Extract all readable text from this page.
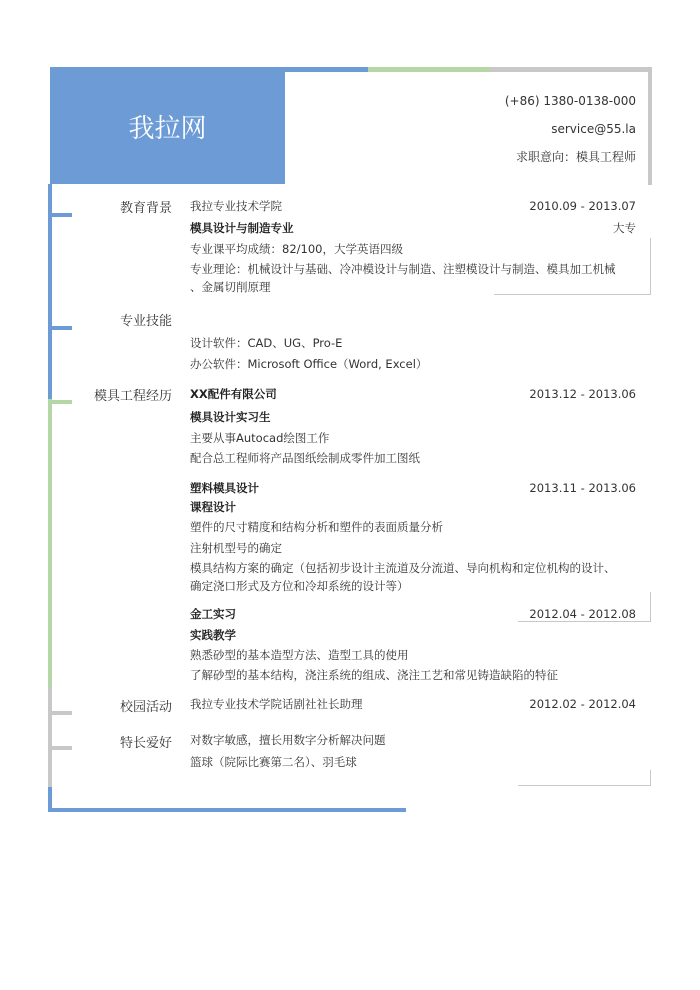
我拉网
(+86) 1380-0138-000
service@55.la
求职意向：模具工程师
教育背景 我拉专业技术学院	2010.09 - 2013.07
模具设计与制造专业	大专
专业课平均成绩：82/100，大学英语四级
专业理论：机械设计与基础、冷冲模设计与制造、注塑模设计与制造、模具加工机械
、金属切削原理
专业技能
设计软件：CAD、UG、Pro-E
办公软件：Microsoft Office（Word, Excel）
模具工程经历 XX配件有限公司	2013.12 - 2013.06
模具设计实习生
主要从事Autocad绘图工作
配合总工程师将产品图纸绘制成零件加工图纸
塑料模具设计	2013.11 - 2013.06
课程设计
塑件的尺寸精度和结构分析和塑件的表面质量分析
注射机型号的确定
模具结构方案的确定（包括初步设计主流道及分流道、导向机构和定位机构的设计、
确定浇口形式及方位和冷却系统的设计等）
金工实习	2012.04 - 2012.08
实践教学
熟悉砂型的基本造型方法、造型工具的使用
了解砂型的基本结构，浇注系统的组成、浇注工艺和常见铸造缺陷的特征
校园活动 我拉专业技术学院话剧社社长助理	2012.02 - 2012.04
特长爱好 对数字敏感，擅长用数字分析解决问题
篮球（院际比赛第二名）、羽毛球
